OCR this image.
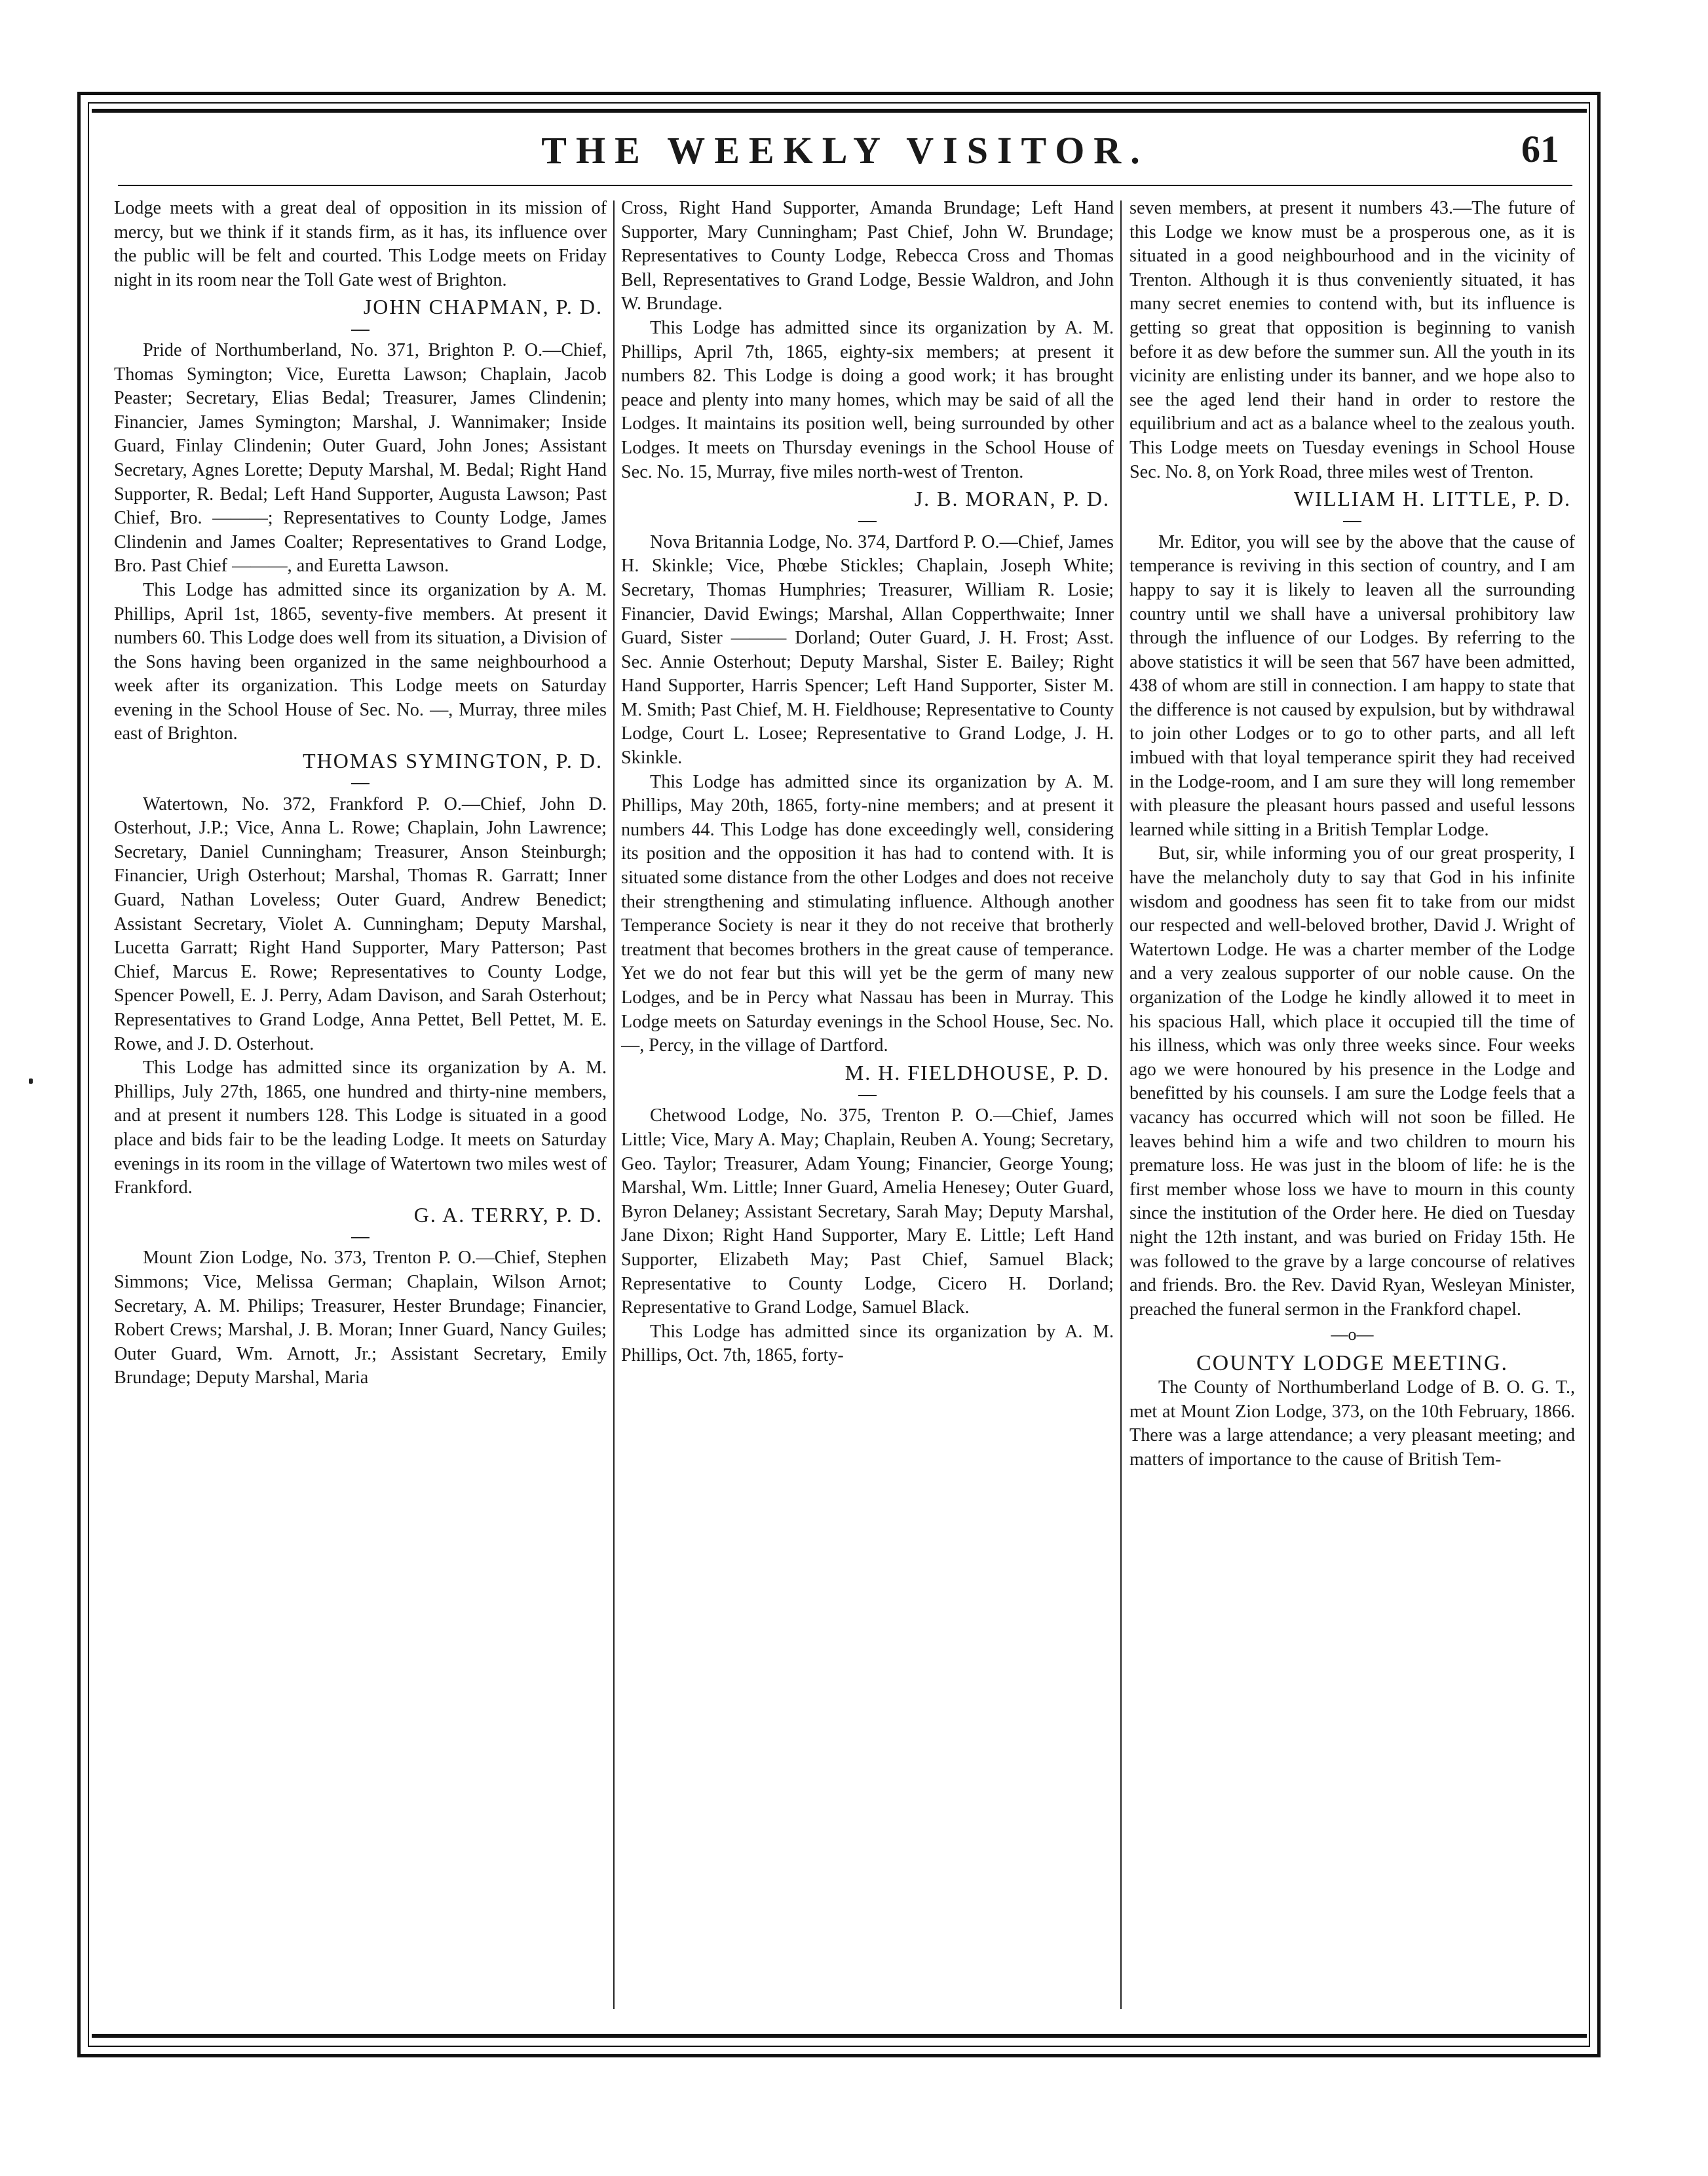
THE WEEKLY VISITOR.	61

Lodge meets with a great deal of opposition in its mission of mercy, but we think if it stands firm, as it has, its influence over the public will be felt and courted. This Lodge meets on Friday night in its room near the Toll Gate west of Brighton.

JOHN CHAPMAN, P. D.

Pride of Northumberland, No. 371, Brighton P. O.—Chief, Thomas Symington; Vice, Euretta Lawson; Chaplain, Jacob Peaster; Secretary, Elias Bedal; Treasurer, James Clindenin; Financier, James Symington; Marshal, J. Wannimaker; Inside Guard, Finlay Clindenin; Outer Guard, John Jones; Assistant Secretary, Agnes Lorette; Deputy Marshal, M. Bedal; Right Hand Supporter, R. Bedal; Left Hand Supporter, Augusta Lawson; Past Chief, Bro. ———; Representatives to County Lodge, James Clindenin and James Coalter; Representatives to Grand Lodge, Bro. Past Chief ———, and Euretta Lawson.

This Lodge has admitted since its organization by A. M. Phillips, April 1st, 1865, seventy-five members. At present it numbers 60. This Lodge does well from its situation, a Division of the Sons having been organized in the same neighbourhood a week after its organization. This Lodge meets on Saturday evening in the School House of Sec. No. —, Murray, three miles east of Brighton.

THOMAS SYMINGTON, P. D.

Watertown, No. 372, Frankford P. O.—Chief, John D. Osterhout, J.P.; Vice, Anna L. Rowe; Chaplain, John Lawrence; Secretary, Daniel Cunningham; Treasurer, Anson Steinburgh; Financier, Urigh Osterhout; Marshal, Thomas R. Garratt; Inner Guard, Nathan Loveless; Outer Guard, Andrew Benedict; Assistant Secretary, Violet A. Cunningham; Deputy Marshal, Lucetta Garratt; Right Hand Supporter, Mary Patterson; Past Chief, Marcus E. Rowe; Representatives to County Lodge, Spencer Powell, E. J. Perry, Adam Davison, and Sarah Osterhout; Representatives to Grand Lodge, Anna Pettet, Bell Pettet, M. E. Rowe, and J. D. Osterhout.

This Lodge has admitted since its organization by A. M. Phillips, July 27th, 1865, one hundred and thirty-nine members, and at present it numbers 128. This Lodge is situated in a good place and bids fair to be the leading Lodge. It meets on Saturday evenings in its room in the village of Watertown two miles west of Frankford.

G. A. TERRY, P. D.

Mount Zion Lodge, No. 373, Trenton P. O.—Chief, Stephen Simmons; Vice, Melissa German; Chaplain, Wilson Arnot; Secretary, A. M. Philips; Treasurer, Hester Brundage; Financier, Robert Crews; Marshal, J. B. Moran; Inner Guard, Nancy Guiles; Outer Guard, Wm. Arnott, Jr.; Assistant Secretary, Emily Brundage; Deputy Marshal, Maria

Cross, Right Hand Supporter, Amanda Brundage; Left Hand Supporter, Mary Cunningham; Past Chief, John W. Brundage; Representatives to County Lodge, Rebecca Cross and Thomas Bell, Representatives to Grand Lodge, Bessie Waldron, and John W. Brundage.

This Lodge has admitted since its organization by A. M. Phillips, April 7th, 1865, eighty-six members; at present it numbers 82. This Lodge is doing a good work; it has brought peace and plenty into many homes, which may be said of all the Lodges. It maintains its position well, being surrounded by other Lodges. It meets on Thursday evenings in the School House of Sec. No. 15, Murray, five miles north-west of Trenton.

J. B. MORAN, P. D.

Nova Britannia Lodge, No. 374, Dartford P. O.—Chief, James H. Skinkle; Vice, Phœbe Stickles; Chaplain, Joseph White; Secretary, Thomas Humphries; Treasurer, William R. Losie; Financier, David Ewings; Marshal, Allan Copperthwaite; Inner Guard, Sister ——— Dorland; Outer Guard, J. H. Frost; Asst. Sec. Annie Osterhout; Deputy Marshal, Sister E. Bailey; Right Hand Supporter, Harris Spencer; Left Hand Supporter, Sister M. M. Smith; Past Chief, M. H. Fieldhouse; Representative to County Lodge, Court L. Losee; Representative to Grand Lodge, J. H. Skinkle.

This Lodge has admitted since its organization by A. M. Phillips, May 20th, 1865, forty-nine members; and at present it numbers 44. This Lodge has done exceedingly well, considering its position and the opposition it has had to contend with. It is situated some distance from the other Lodges and does not receive their strengthening and stimulating influence. Although another Temperance Society is near it they do not receive that brotherly treatment that becomes brothers in the great cause of temperance. Yet we do not fear but this will yet be the germ of many new Lodges, and be in Percy what Nassau has been in Murray. This Lodge meets on Saturday evenings in the School House, Sec. No.—, Percy, in the village of Dartford.

M. H. FIELDHOUSE, P. D.

Chetwood Lodge, No. 375, Trenton P. O.—Chief, James Little; Vice, Mary A. May; Chaplain, Reuben A. Young; Secretary, Geo. Taylor; Treasurer, Adam Young; Financier, George Young; Marshal, Wm. Little; Inner Guard, Amelia Henesey; Outer Guard, Byron Delaney; Assistant Secretary, Sarah May; Deputy Marshal, Jane Dixon; Right Hand Supporter, Mary E. Little; Left Hand Supporter, Elizabeth May; Past Chief, Samuel Black; Representative to County Lodge, Cicero H. Dorland; Representative to Grand Lodge, Samuel Black.

This Lodge has admitted since its organization by A. M. Phillips, Oct. 7th, 1865, forty-

seven members, at present it numbers 43.—The future of this Lodge we know must be a prosperous one, as it is situated in a good neighbourhood and in the vicinity of Trenton. Although it is thus conveniently situated, it has many secret enemies to contend with, but its influence is getting so great that opposition is beginning to vanish before it as dew before the summer sun. All the youth in its vicinity are enlisting under its banner, and we hope also to see the aged lend their hand in order to restore the equilibrium and act as a balance wheel to the zealous youth. This Lodge meets on Tuesday evenings in School House Sec. No. 8, on York Road, three miles west of Trenton.

WILLIAM H. LITTLE, P. D.

Mr. Editor, you will see by the above that the cause of temperance is reviving in this section of country, and I am happy to say it is likely to leaven all the surrounding country until we shall have a universal prohibitory law through the influence of our Lodges. By referring to the above statistics it will be seen that 567 have been admitted, 438 of whom are still in connection. I am happy to state that the difference is not caused by expulsion, but by withdrawal to join other Lodges or to go to other parts, and all left imbued with that loyal temperance spirit they had received in the Lodge-room, and I am sure they will long remember with pleasure the pleasant hours passed and useful lessons learned while sitting in a British Templar Lodge.

But, sir, while informing you of our great prosperity, I have the melancholy duty to say that God in his infinite wisdom and goodness has seen fit to take from our midst our respected and well-beloved brother, David J. Wright of Watertown Lodge. He was a charter member of the Lodge and a very zealous supporter of our noble cause. On the organization of the Lodge he kindly allowed it to meet in his spacious Hall, which place it occupied till the time of his illness, which was only three weeks since. Four weeks ago we were honoured by his presence in the Lodge and benefitted by his counsels. I am sure the Lodge feels that a vacancy has occurred which will not soon be filled. He leaves behind him a wife and two children to mourn his premature loss. He was just in the bloom of life: he is the first member whose loss we have to mourn in this county since the institution of the Order here. He died on Tuesday night the 12th instant, and was buried on Friday 15th. He was followed to the grave by a large concourse of relatives and friends. Bro. the Rev. David Ryan, Wesleyan Minister, preached the funeral sermon in the Frankford chapel.

—o—

COUNTY LODGE MEETING.

The County of Northumberland Lodge of B. O. G. T., met at Mount Zion Lodge, 373, on the 10th February, 1866. There was a large attendance; a very pleasant meeting; and matters of importance to the cause of British Tem-
